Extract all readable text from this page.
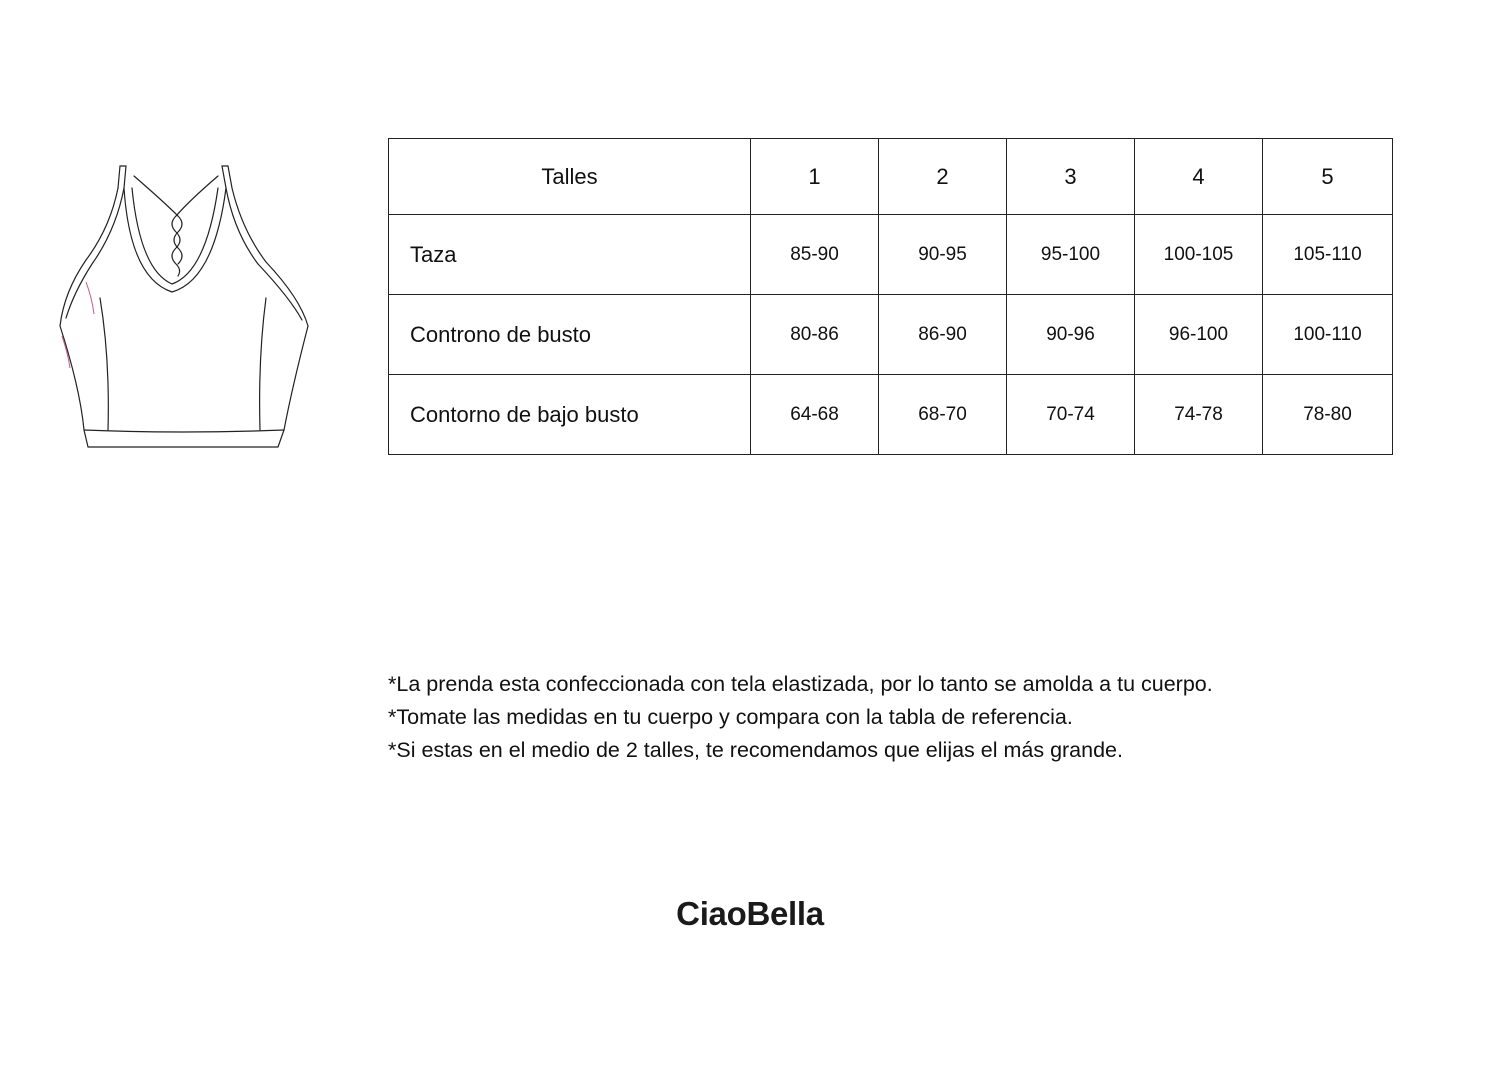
Talles	1	2	3	4	5
Taza	85-90	90-95	95-100	100-105	105-110
Controno de busto	80-86	86-90	90-96	96-100	100-110
Contorno de bajo busto	64-68	68-70	70-74	74-78	78-80

*La prenda esta confeccionada con tela elastizada, por lo tanto se amolda a tu cuerpo.

*Tomate las medidas en tu cuerpo y compara con la tabla de referencia.

*Si estas en el medio de 2 talles, te recomendamos que elijas el más grande.

CiaoBella
